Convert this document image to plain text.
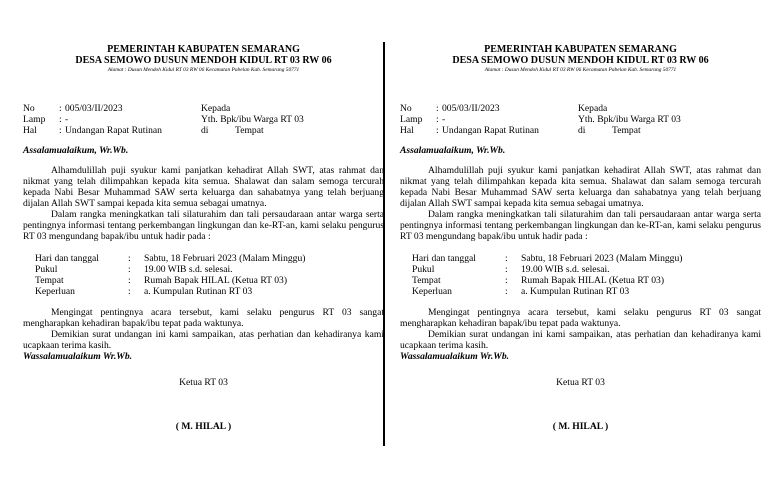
PEMERINTAH KABUPATEN SEMARANG
DESA SEMOWO DUSUN MENDOH KIDUL RT 03 RW 06
Alamat : Dusun Mendoh Kidul RT 03 RW 06 Kecamatan Pabelan Kab. Semarang 50771
No	: 005/03/II/2023	Kepada
Lamp : -	Yth. Bpk/ibu Warga RT 03
Hal : Undangan Rapat Rutinan	di	Tempat
Assalamualaikum, Wr.Wb.
Alhamdulillah puji syukur kami panjatkan kehadirat Allah SWT, atas rahmat dan nikmat yang telah dilimpahkan kepada kita semua. Shalawat dan salam semoga tercurah kepada Nabi Besar Muhammad SAW serta keluarga dan sahabatnya yang telah berjuang dijalan Allah SWT sampai kepada kita semua sebagai umatnya.
Dalam rangka meningkatkan tali silaturahim dan tali persaudaraan antar warga serta pentingnya informasi tentang perkembangan lingkungan dan ke-RT-an, kami selaku pengurus RT 03 mengundang bapak/ibu untuk hadir pada :
Hari dan tanggal	: Sabtu, 18 Februari 2023 (Malam Minggu)
Pukul	: 19.00 WIB s.d. selesai.
Tempat	: Rumah Bapak HILAL (Ketua RT 03)
Keperluan	: a. Kumpulan Rutinan RT 03
Mengingat pentingnya acara tersebut, kami selaku pengurus RT 03 sangat mengharapkan kehadiran bapak/ibu tepat pada waktunya.
Demikian surat undangan ini kami sampaikan, atas perhatian dan kehadiranya kami ucapkaan terima kasih.
Wassalamualaikum Wr.Wb.
Ketua RT 03
( M. HILAL )
PEMERINTAH KABUPATEN SEMARANG
DESA SEMOWO DUSUN MENDOH KIDUL RT 03 RW 06
Alamat : Dusun Mendoh Kidul RT 03 RW 06 Kecamatan Pabelan Kab. Semarang 50771
No	: 005/03/II/2023	Kepada
Lamp : -	Yth. Bpk/ibu Warga RT 03
Hal : Undangan Rapat Rutinan	di	Tempat
Assalamualaikum, Wr.Wb.
Alhamdulillah puji syukur kami panjatkan kehadirat Allah SWT, atas rahmat dan nikmat yang telah dilimpahkan kepada kita semua. Shalawat dan salam semoga tercurah kepada Nabi Besar Muhammad SAW serta keluarga dan sahabatnya yang telah berjuang dijalan Allah SWT sampai kepada kita semua sebagai umatnya.
Dalam rangka meningkatkan tali silaturahim dan tali persaudaraan antar warga serta pentingnya informasi tentang perkembangan lingkungan dan ke-RT-an, kami selaku pengurus RT 03 mengundang bapak/ibu untuk hadir pada :
Hari dan tanggal	: Sabtu, 18 Februari 2023 (Malam Minggu)
Pukul	: 19.00 WIB s.d. selesai.
Tempat	: Rumah Bapak HILAL (Ketua RT 03)
Keperluan	: a. Kumpulan Rutinan RT 03
Mengingat pentingnya acara tersebut, kami selaku pengurus RT 03 sangat mengharapkan kehadiran bapak/ibu tepat pada waktunya.
Demikian surat undangan ini kami sampaikan, atas perhatian dan kehadiranya kami ucapkaan terima kasih.
Wassalamualaikum Wr.Wb.
Ketua RT 03
( M. HILAL )
